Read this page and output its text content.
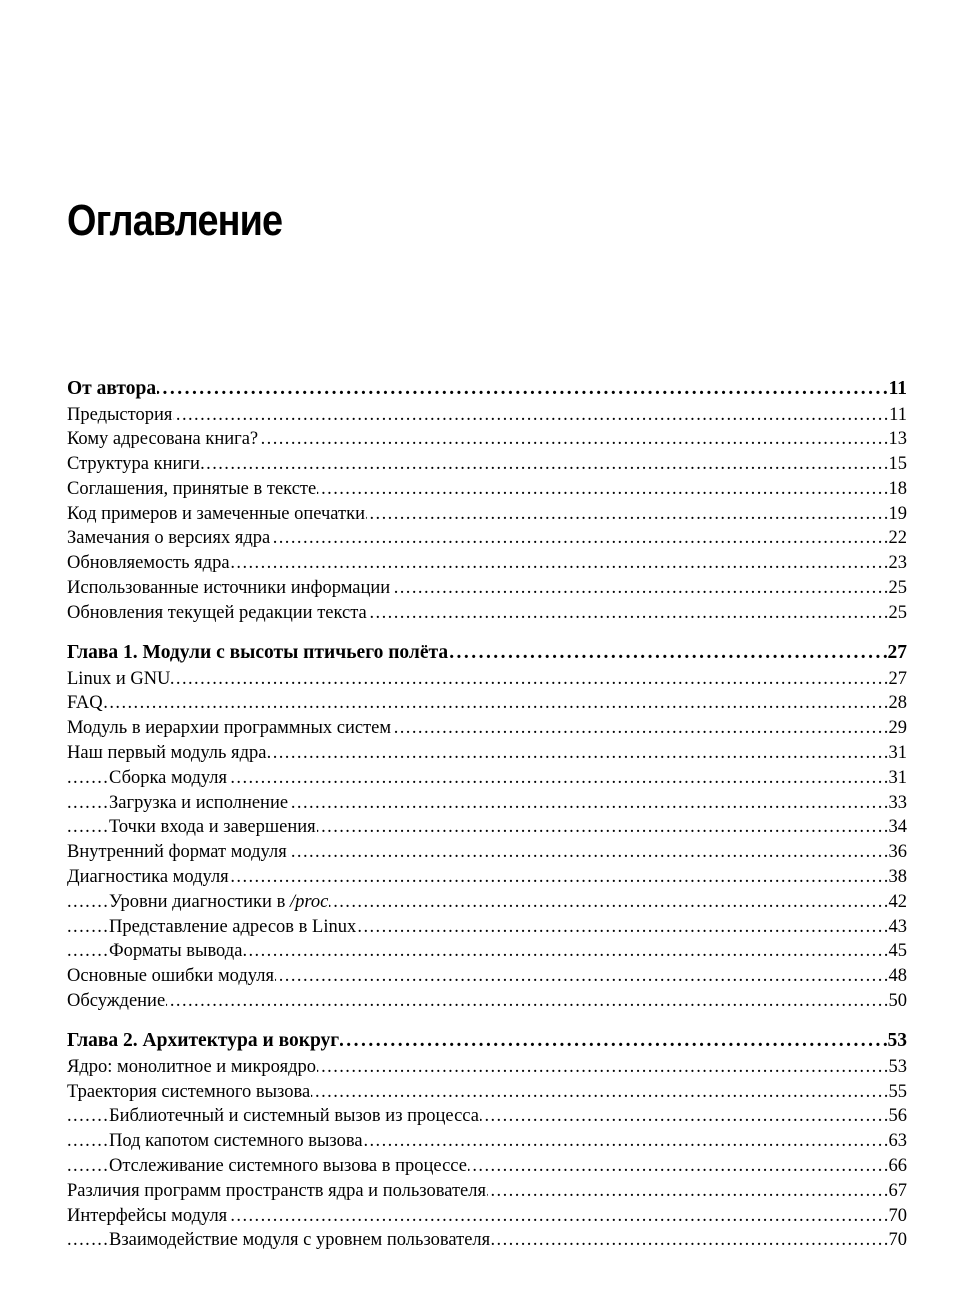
Оглавление
. . . От автора	11
. . . Предыстория	11
. . . Кому адресована книга?	13
. . . Структура книги	15
. . . Соглашения, принятые в тексте	18
. . . Код примеров и замеченные опечатки	19
. . . Замечания о версиях ядра	22
. . . Обновляемость ядра	23
. . . Использованные источники информации	25
. . . Обновления текущей редакции текста	25
. . . Глава 1. Модули с высоты птичьего полёта	27
. . . Linux и GNU	27
. . . FAQ	28
. . . Модуль в иерархии программных систем	29
. . . Наш первый модуль ядра	31
. . . Сборка модуля	31
. . . Загрузка и исполнение	33
. . . Точки входа и завершения	34
. . . Внутренний формат модуля	36
. . . Диагностика модуля	38
. . . Уровни диагностики в /proc	42
. . . Представление адресов в Linux	43
. . . Форматы вывода	45
. . . Основные ошибки модуля	48
. . . Обсуждение	50
. . . Глава 2. Архитектура и вокруг	53
. . . Ядро: монолитное и микроядро	53
. . . Траектория системного вызова	55
. . . Библиотечный и системный вызов из процесса	56
. . . Под капотом системного вызова	63
. . . Отслеживание системного вызова в процессе	66
. . . Различия программ пространств ядра и пользователя	67
. . . Интерфейсы модуля	70
. . . Взаимодействие модуля с уровнем пользователя	70
